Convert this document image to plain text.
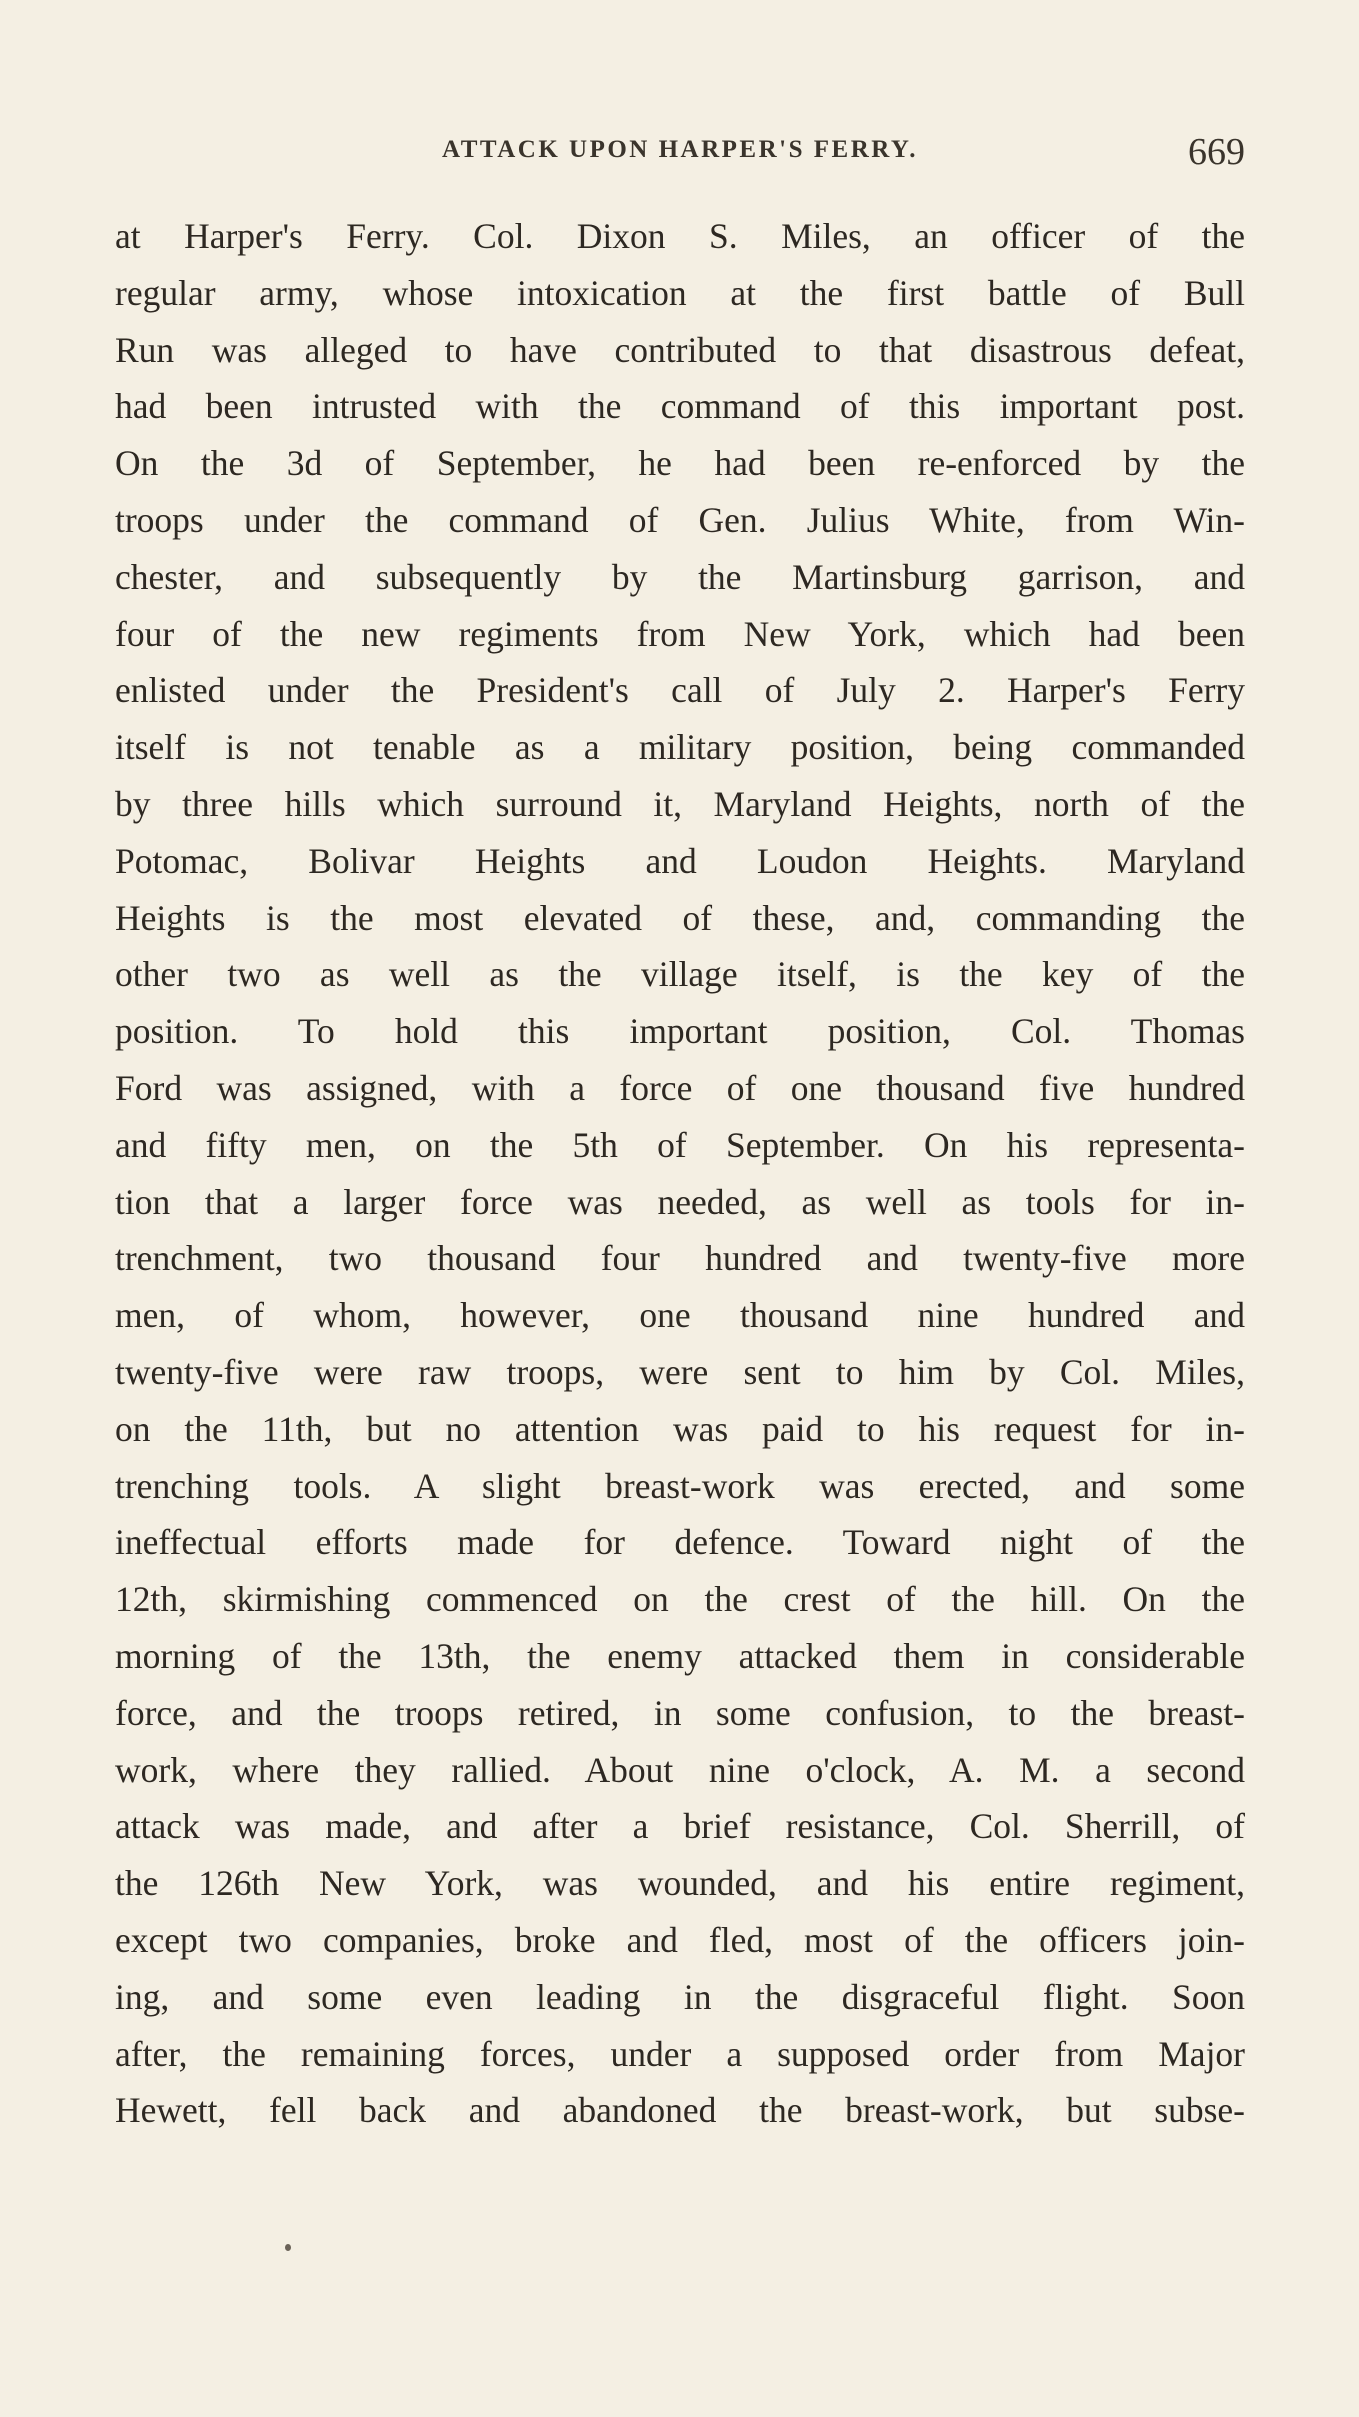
ATTACK UPON HARPER'S FERRY.	669
at Harper's Ferry. Col. Dixon S. Miles, an officer of the
regular army, whose intoxication at the first battle of Bull
Run was alleged to have contributed to that disastrous defeat,
had been intrusted with the command of this important post.
On the 3d of September, he had been re-enforced by the
troops under the command of Gen. Julius White, from Win-
chester, and subsequently by the Martinsburg garrison, and
four of the new regiments from New York, which had been
enlisted under the President's call of July 2. Harper's Ferry
itself is not tenable as a military position, being commanded
by three hills which surround it, Maryland Heights, north of the
Potomac, Bolivar Heights and Loudon Heights. Maryland
Heights is the most elevated of these, and, commanding the
other two as well as the village itself, is the key of the
position. To hold this important position, Col. Thomas
Ford was assigned, with a force of one thousand five hundred
and fifty men, on the 5th of September. On his representa-
tion that a larger force was needed, as well as tools for in-
trenchment, two thousand four hundred and twenty-five more
men, of whom, however, one thousand nine hundred and
twenty-five were raw troops, were sent to him by Col. Miles,
on the 11th, but no attention was paid to his request for in-
trenching tools. A slight breast-work was erected, and some
ineffectual efforts made for defence. Toward night of the
12th, skirmishing commenced on the crest of the hill. On the
morning of the 13th, the enemy attacked them in considerable
force, and the troops retired, in some confusion, to the breast-
work, where they rallied. About nine o'clock, A. M. a second
attack was made, and after a brief resistance, Col. Sherrill, of
the 126th New York, was wounded, and his entire regiment,
except two companies, broke and fled, most of the officers join-
ing, and some even leading in the disgraceful flight. Soon
after, the remaining forces, under a supposed order from Major
Hewett, fell back and abandoned the breast-work, but subse-
